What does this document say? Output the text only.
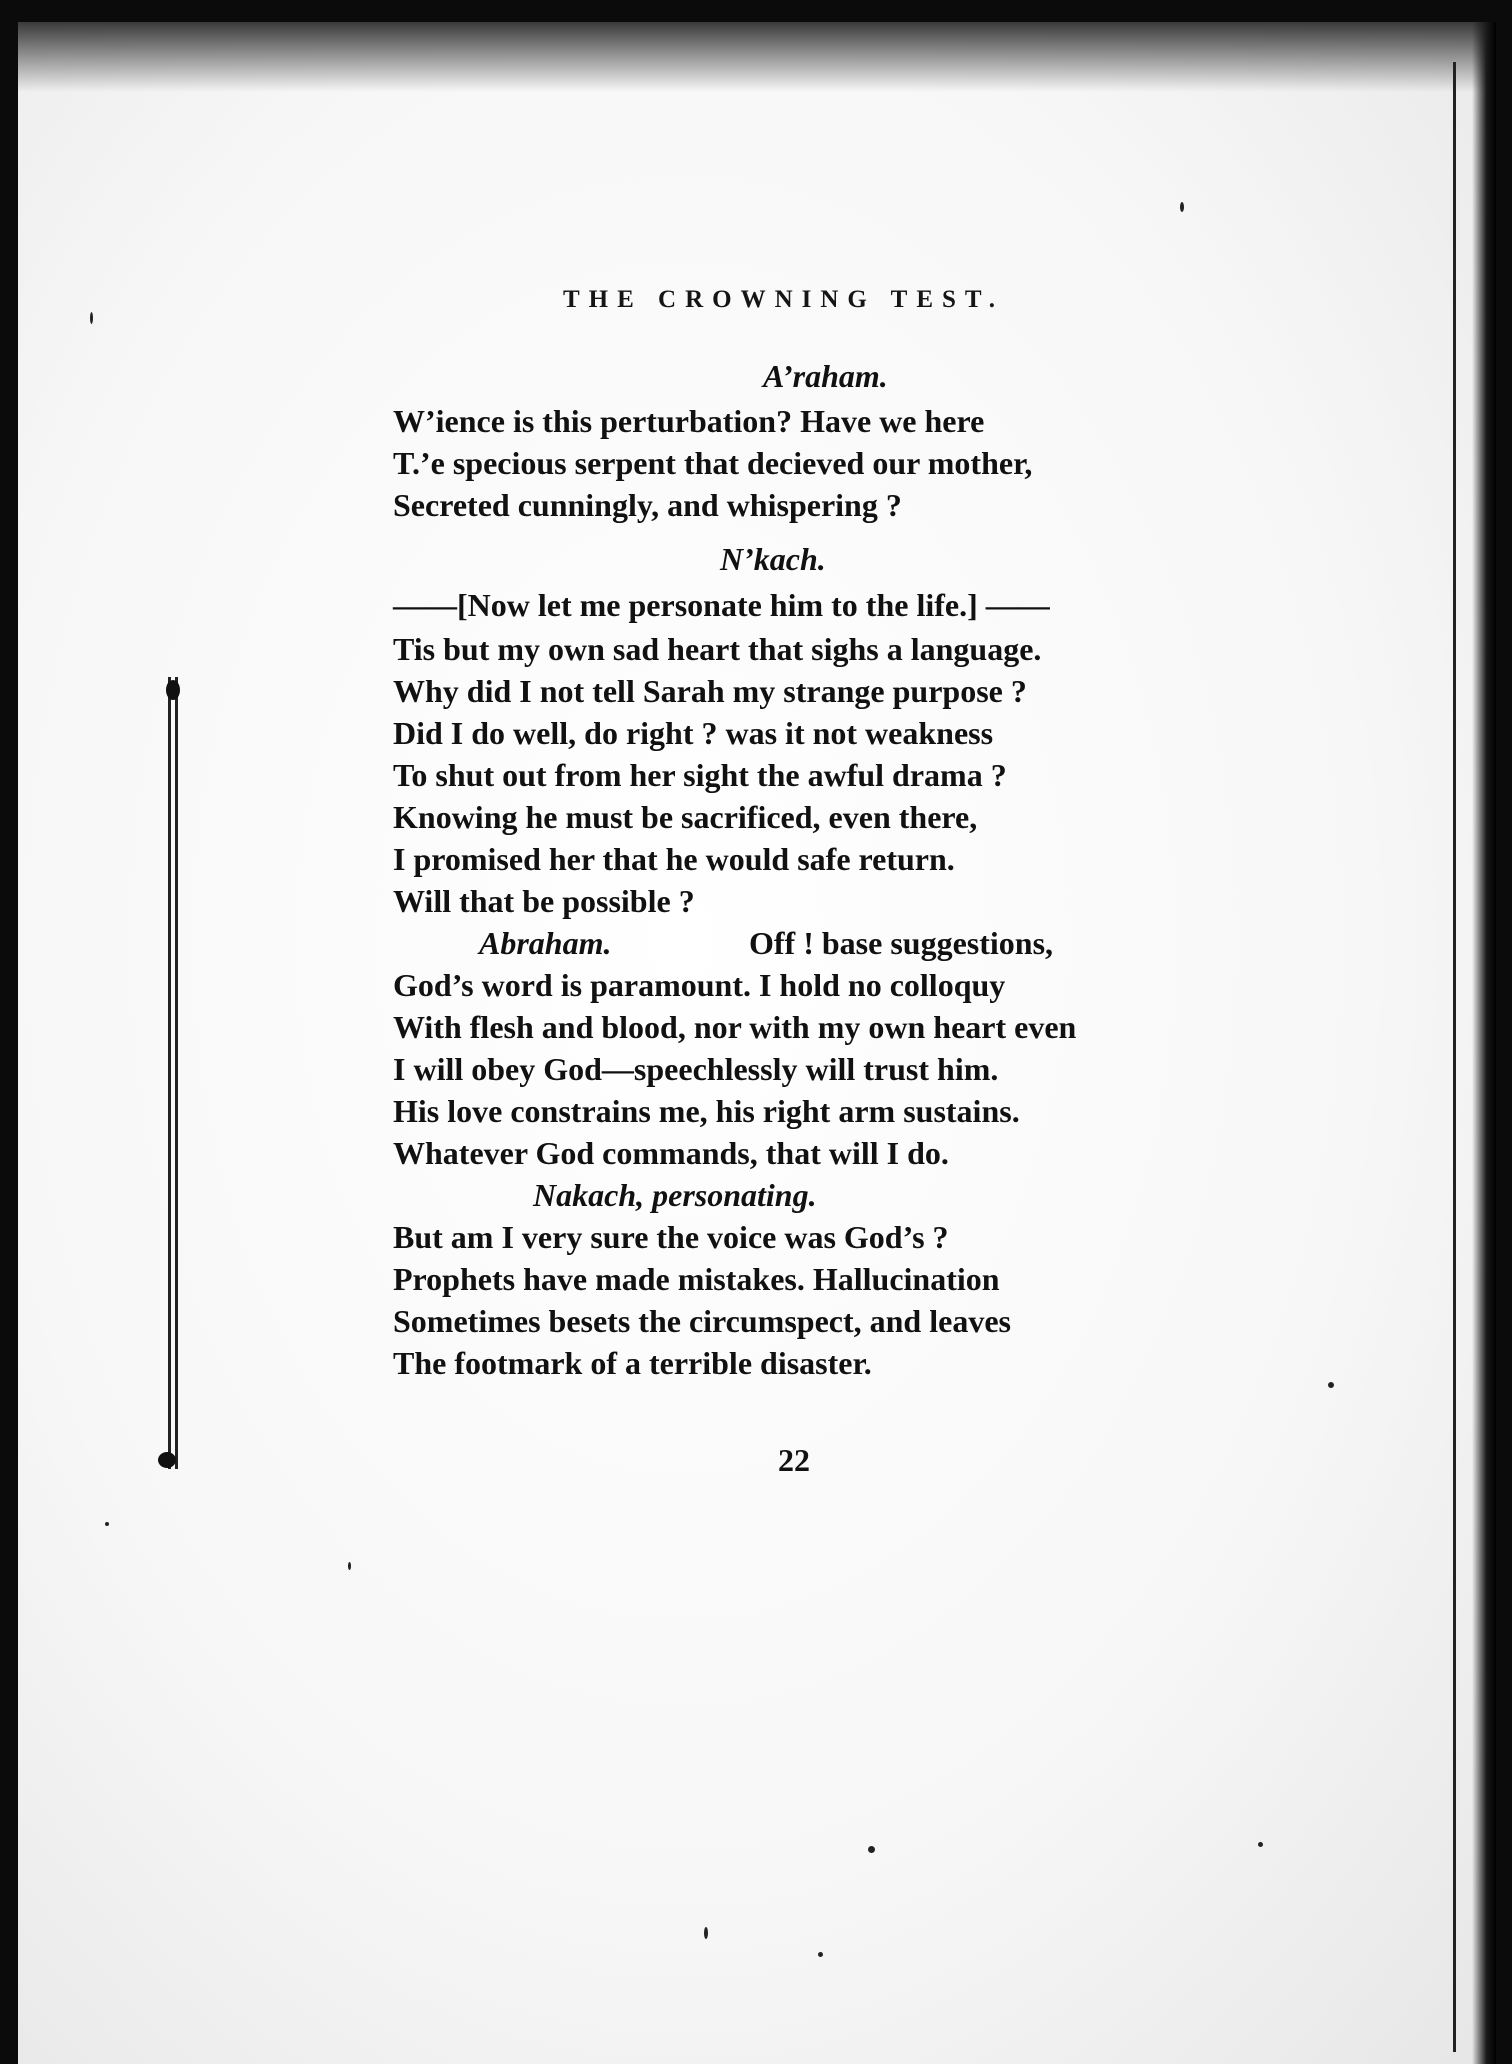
THE CROWNING TEST.
A’raham.
W’ience is this perturbation? Have we here
T.’e specious serpent that decieved our mother,
Secreted cunningly, and whispering ?
N’kach.
——[Now let me personate him to the life.] ——
Tis but my own sad heart that sighs a language.
Why did I not tell Sarah my strange purpose ?
Did I do well, do right ? was it not weakness
To shut out from her sight the awful drama ?
Knowing he must be sacrificed, even there,
I promised her that he would safe return.
Will that be possible ?
Abraham.	Off ! base suggestions,
God’s word is paramount. I hold no colloquy
With flesh and blood, nor with my own heart even
I will obey God—speechlessly will trust him.
His love constrains me, his right arm sustains.
Whatever God commands, that will I do.
Nakach, personating.
But am I very sure the voice was God’s ?
Prophets have made mistakes. Hallucination
Sometimes besets the circumspect, and leaves
The footmark of a terrible disaster.
22
